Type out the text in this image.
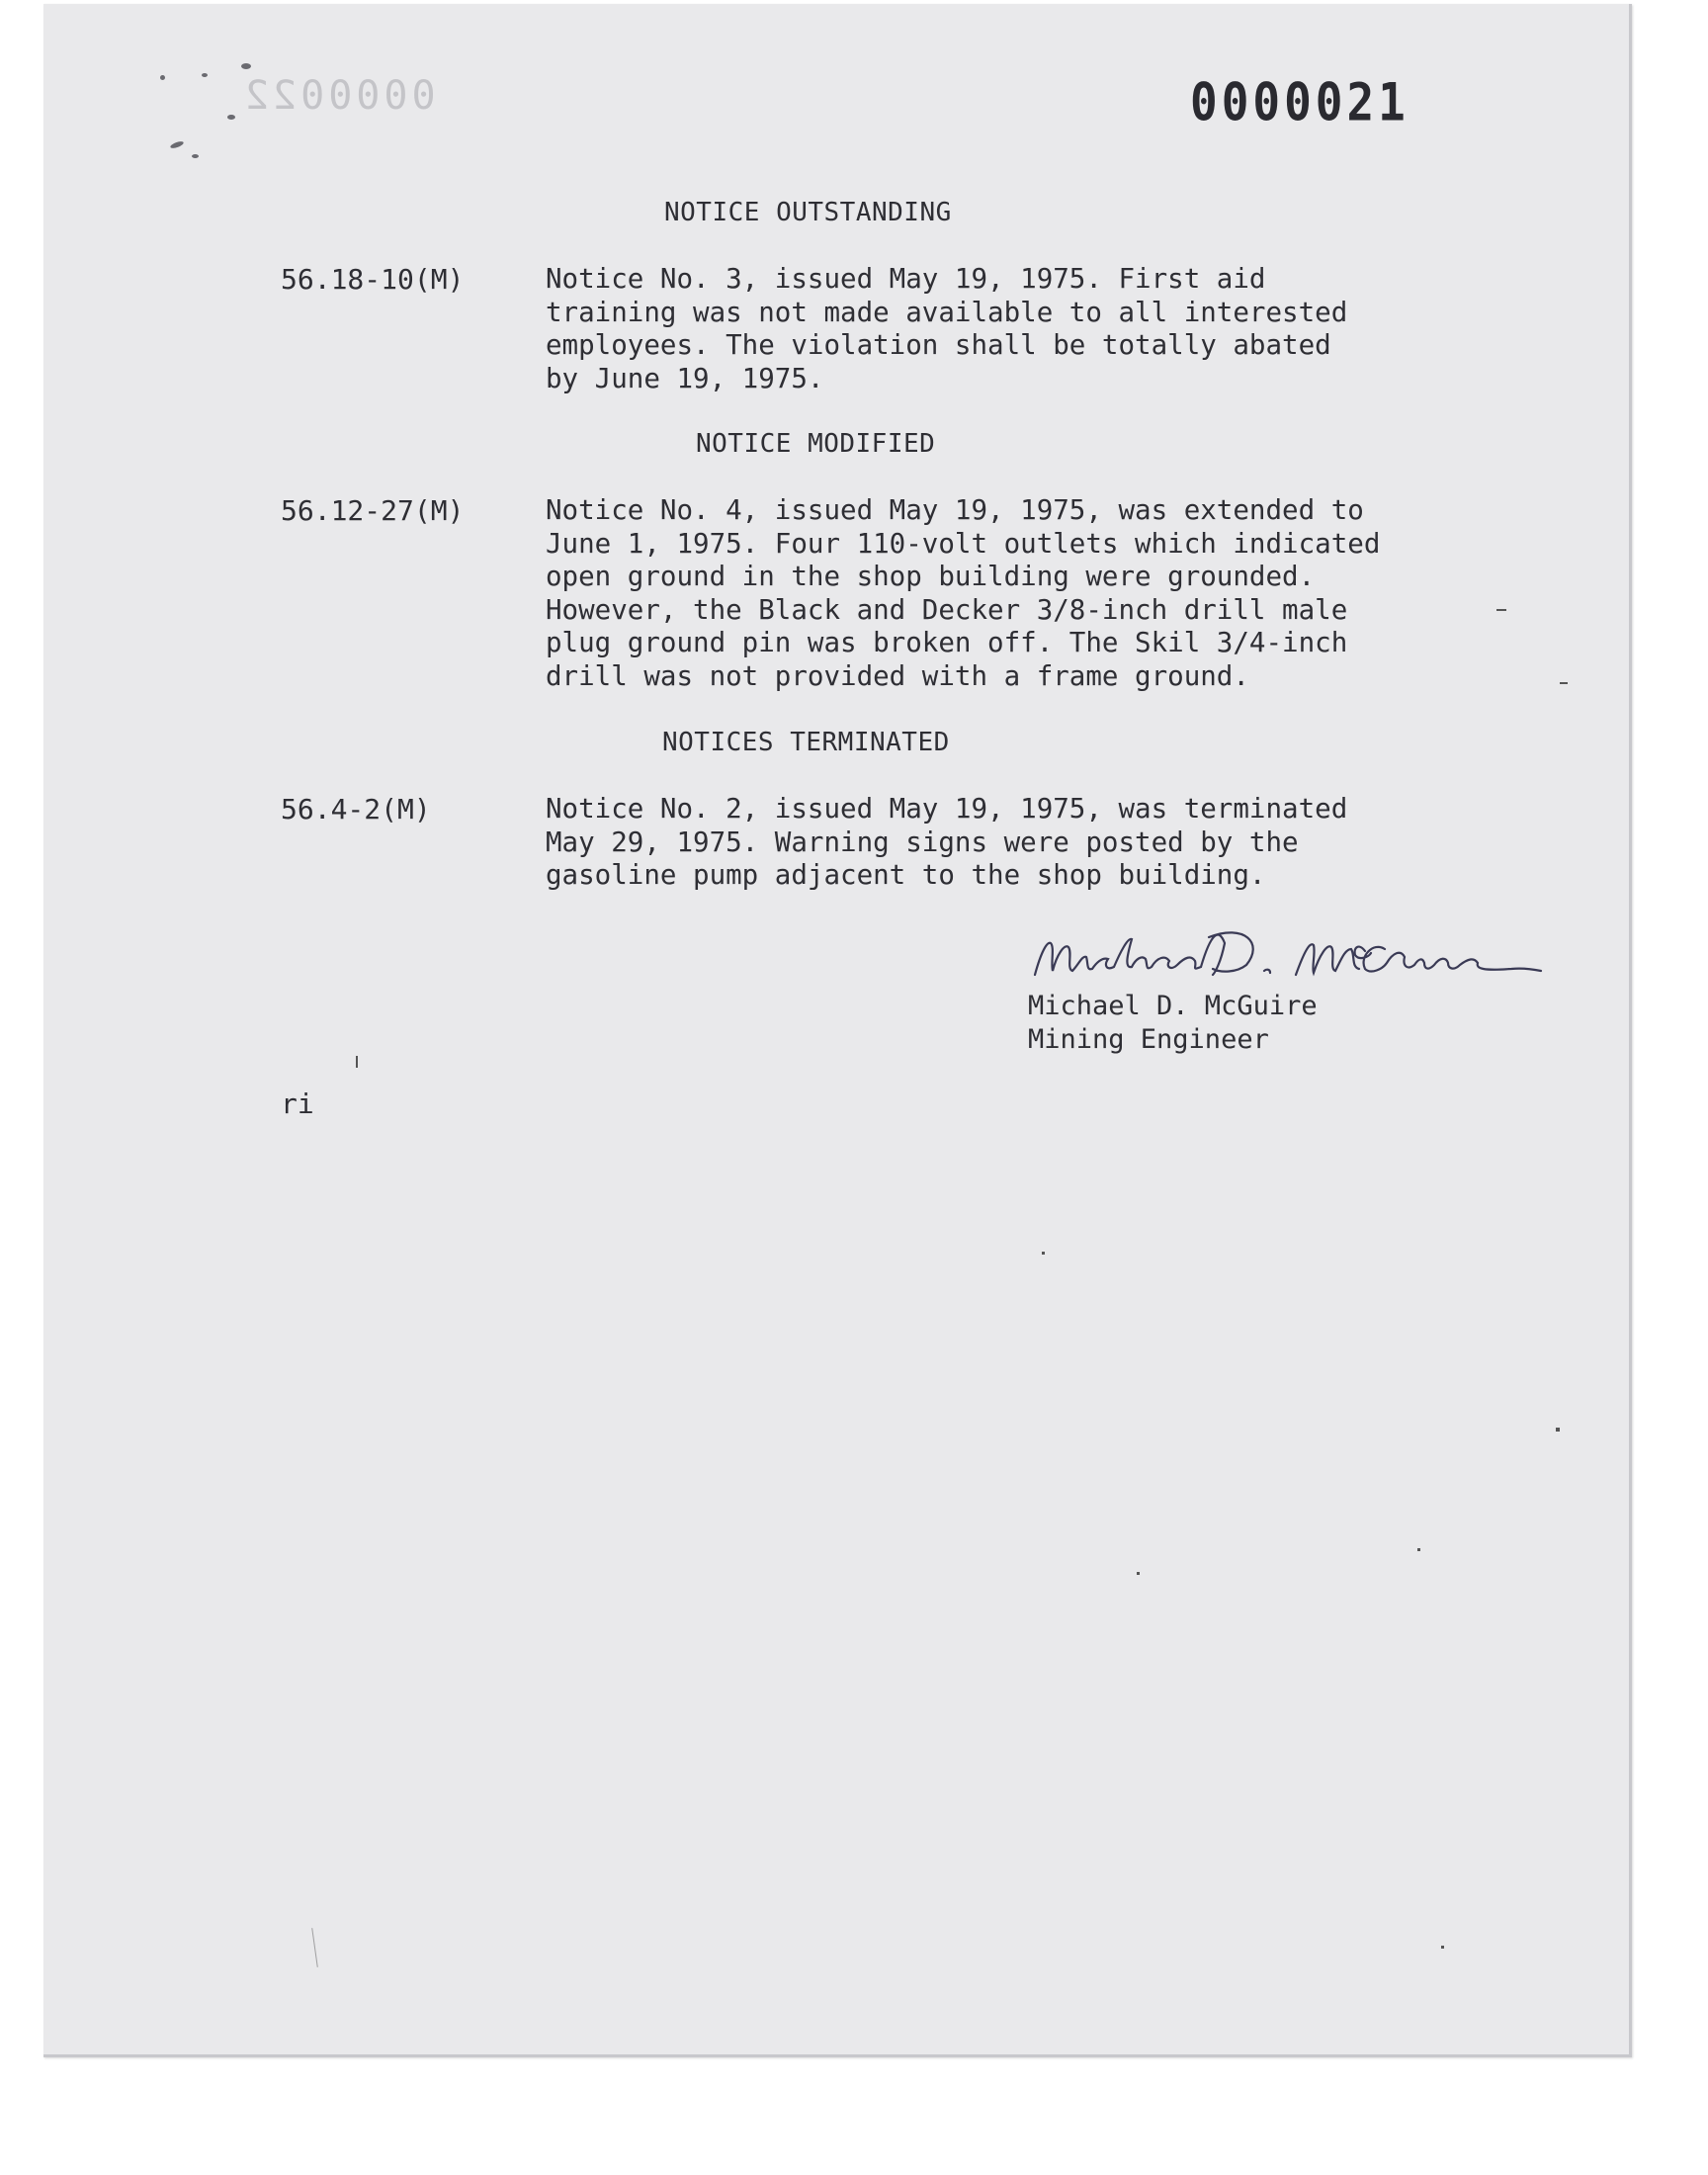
0000022	0000021
NOTICE OUTSTANDING
56.18-10(M)	Notice No. 3, issued May 19, 1975. First aid
training was not made available to all interested
employees. The violation shall be totally abated
by June 19, 1975.
NOTICE MODIFIED
56.12-27(M)	Notice No. 4, issued May 19, 1975, was extended to
June 1, 1975. Four 110-volt outlets which indicated
open ground in the shop building were grounded.
However, the Black and Decker 3/8-inch drill male
plug ground pin was broken off. The Skil 3/4-inch
drill was not provided with a frame ground.
NOTICES TERMINATED
56.4-2(M)	Notice No. 2, issued May 19, 1975, was terminated
May 29, 1975. Warning signs were posted by the
gasoline pump adjacent to the shop building.
Michael D. McGuire
Mining Engineer
ri
